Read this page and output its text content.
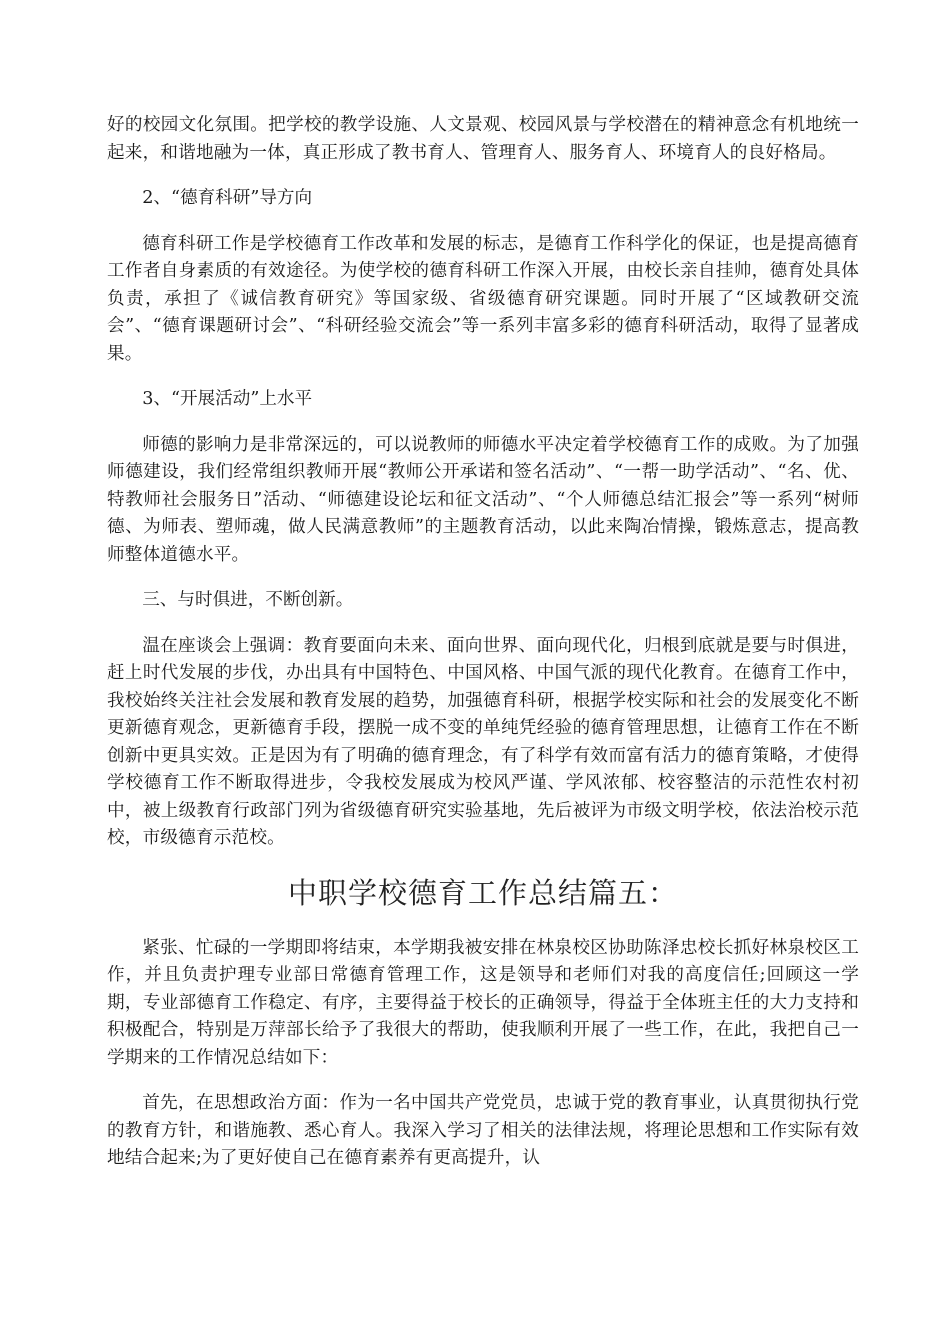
好的校园文化氛围。把学校的教学设施、人文景观、校园风景与学校潜在的精神意念有机地统一起来，和谐地融为一体，真正形成了教书育人、管理育人、服务育人、环境育人的良好格局。

2、“德育科研”导方向

德育科研工作是学校德育工作改革和发展的标志，是德育工作科学化的保证，也是提高德育工作者自身素质的有效途径。为使学校的德育科研工作深入开展，由校长亲自挂帅，德育处具体负责，承担了《诚信教育研究》等国家级、省级德育研究课题。同时开展了“区域教研交流会”、“德育课题研讨会”、“科研经验交流会”等一系列丰富多彩的德育科研活动，取得了显著成果。

3、“开展活动”上水平

师德的影响力是非常深远的，可以说教师的师德水平决定着学校德育工作的成败。为了加强师德建设，我们经常组织教师开展“教师公开承诺和签名活动”、“一帮一助学活动”、“名、优、特教师社会服务日”活动、“师德建设论坛和征文活动”、“个人师德总结汇报会”等一系列“树师德、为师表、塑师魂，做人民满意教师”的主题教育活动，以此来陶冶情操，锻炼意志，提高教师整体道德水平。

三、与时俱进，不断创新。

温在座谈会上强调：教育要面向未来、面向世界、面向现代化，归根到底就是要与时俱进，赶上时代发展的步伐，办出具有中国特色、中国风格、中国气派的现代化教育。在德育工作中，我校始终关注社会发展和教育发展的趋势，加强德育科研，根据学校实际和社会的发展变化不断更新德育观念，更新德育手段，摆脱一成不变的单纯凭经验的德育管理思想，让德育工作在不断创新中更具实效。正是因为有了明确的德育理念，有了科学有效而富有活力的德育策略，才使得学校德育工作不断取得进步，令我校发展成为校风严谨、学风浓郁、校容整洁的示范性农村初中，被上级教育行政部门列为省级德育研究实验基地，先后被评为市级文明学校，依法治校示范校，市级德育示范校。

中职学校德育工作总结篇五：

紧张、忙碌的一学期即将结束，本学期我被安排在林泉校区协助陈泽忠校长抓好林泉校区工作，并且负责护理专业部日常德育管理工作，这是领导和老师们对我的高度信任;回顾这一学期，专业部德育工作稳定、有序，主要得益于校长的正确领导，得益于全体班主任的大力支持和积极配合，特别是万萍部长给予了我很大的帮助，使我顺利开展了一些工作，在此，我把自己一学期来的工作情况总结如下：

首先，在思想政治方面：作为一名中国共产党党员，忠诚于党的教育事业，认真贯彻执行党的教育方针，和谐施教、悉心育人。我深入学习了相关的法律法规，将理论思想和工作实际有效地结合起来;为了更好使自己在德育素养有更高提升，认
